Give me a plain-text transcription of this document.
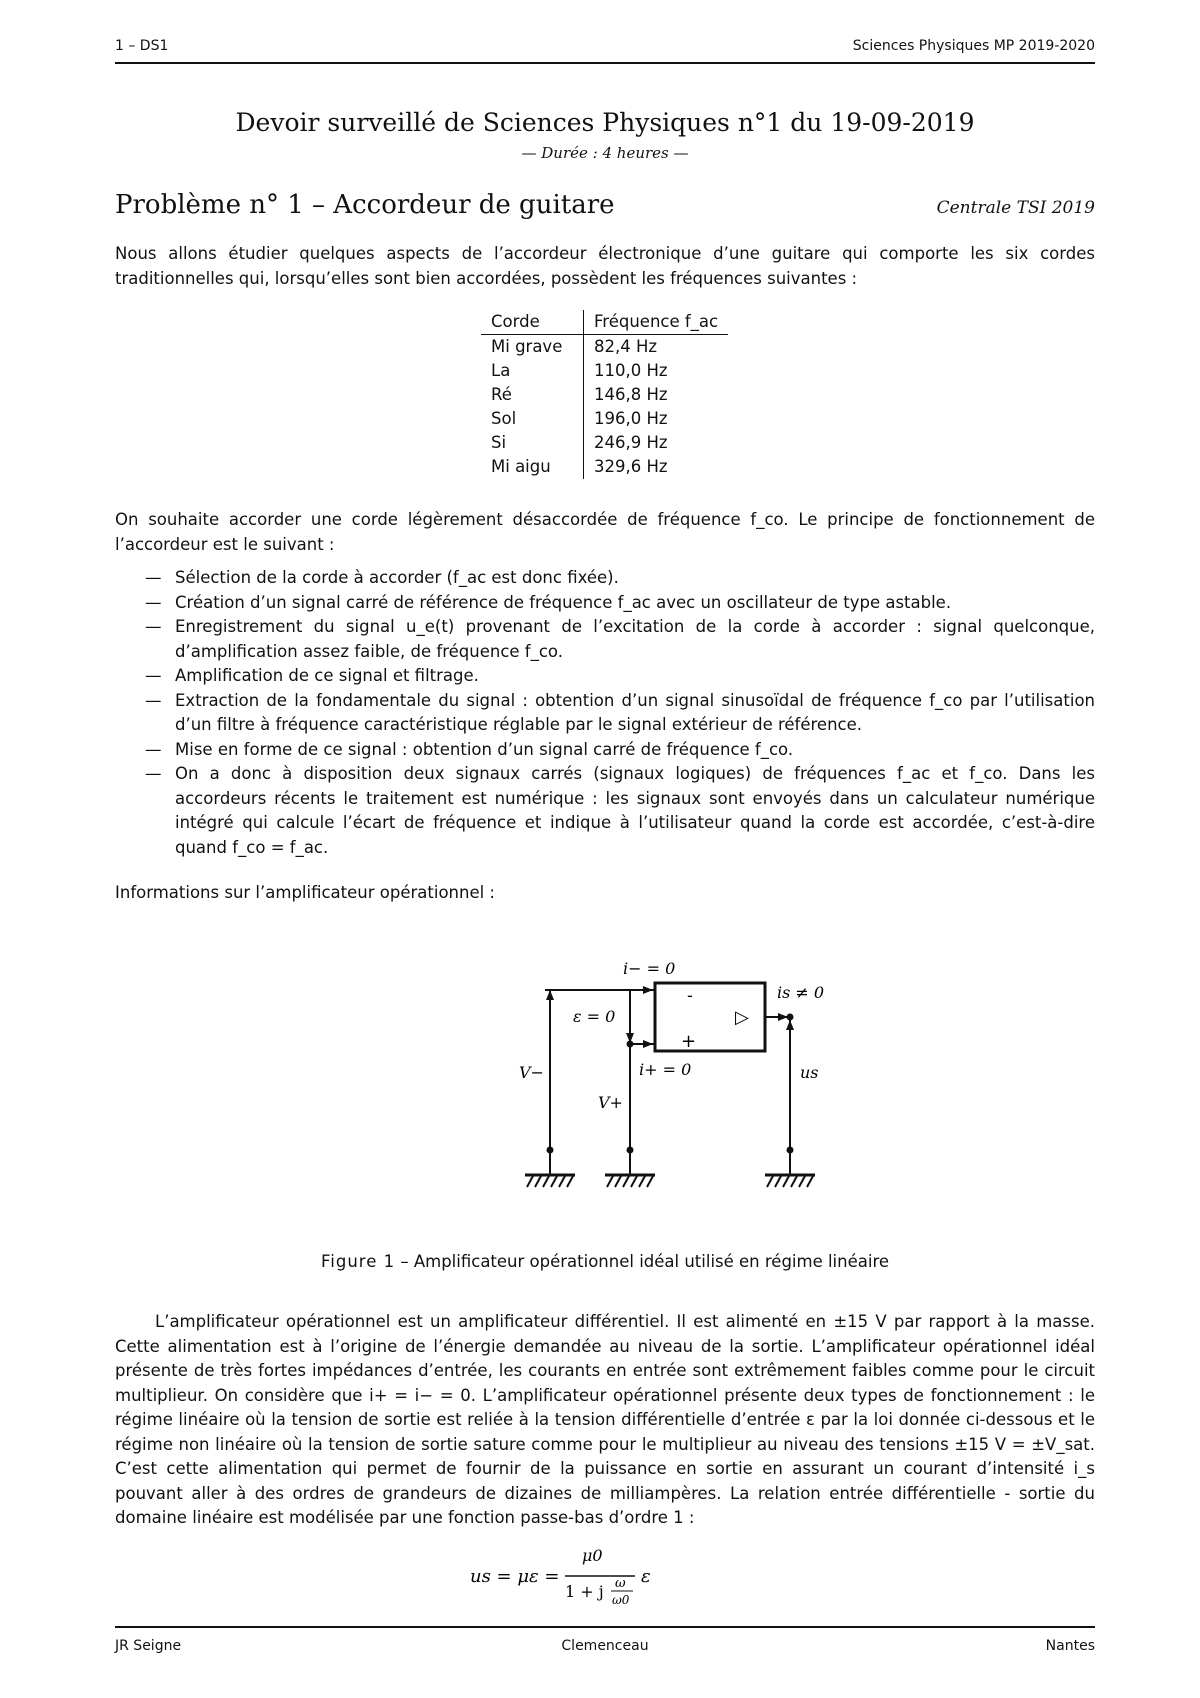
1 – DS1	Sciences Physiques MP 2019-2020
Devoir surveillé de Sciences Physiques n°1 du 19-09-2019
— Durée : 4 heures —
Problème n° 1 – Accordeur de guitare	Centrale TSI 2019
Nous allons étudier quelques aspects de l’accordeur électronique d’une guitare qui comporte les six cordes traditionnelles qui, lorsqu’elles sont bien accordées, possèdent les fréquences suivantes :
Corde	Fréquence f_ac
Mi grave	82,4 Hz
La	110,0 Hz
Ré	146,8 Hz
Sol	196,0 Hz
Si	246,9 Hz
Mi aigu	329,6 Hz
On souhaite accorder une corde légèrement désaccordée de fréquence f_co. Le principe de fonctionnement de l’accordeur est le suivant :
— Sélection de la corde à accorder (f_ac est donc fixée).
— Création d’un signal carré de référence de fréquence f_ac avec un oscillateur de type astable.
— Enregistrement du signal u_e(t) provenant de l’excitation de la corde à accorder : signal quelconque, d’amplification assez faible, de fréquence f_co.
— Amplification de ce signal et filtrage.
— Extraction de la fondamentale du signal : obtention d’un signal sinusoïdal de fréquence f_co par l’utilisation d’un filtre à fréquence caractéristique réglable par le signal extérieur de référence.
— Mise en forme de ce signal : obtention d’un signal carré de fréquence f_co.
— On a donc à disposition deux signaux carrés (signaux logiques) de fréquences f_ac et f_co. Dans les accordeurs récents le traitement est numérique : les signaux sont envoyés dans un calculateur numérique intégré qui calcule l’écart de fréquence et indique à l’utilisateur quand la corde est accordée, c’est-à-dire quand f_co = f_ac.
Informations sur l’amplificateur opérationnel :
-
+
▷
ε = 0
V−
V+
us
i− = 0
i+ = 0
is ≠ 0
Figure 1 – Amplificateur opérationnel idéal utilisé en régime linéaire
L’amplificateur opérationnel est un amplificateur différentiel. Il est alimenté en ±15 V par rapport à la masse. Cette alimentation est à l’origine de l’énergie demandée au niveau de la sortie. L’amplificateur opérationnel idéal présente de très fortes impédances d’entrée, les courants en entrée sont extrêmement faibles comme pour le circuit multiplieur. On considère que i+ = i− = 0. L’amplificateur opérationnel présente deux types de fonctionnement : le régime linéaire où la tension de sortie est reliée à la tension différentielle d’entrée ε par la loi donnée ci-dessous et le régime non linéaire où la tension de sortie sature comme pour le multiplieur au niveau des tensions ±15 V = ±V_sat. C’est cette alimentation qui permet de fournir de la puissance en sortie en assurant un courant d’intensité i_s pouvant aller à des ordres de grandeurs de dizaines de milliampères. La relation entrée différentielle - sortie du domaine linéaire est modélisée par une fonction passe-bas d’ordre 1 :
us = με =
μ0
1 + j ω
ω0
ε
JR Seigne	Clemenceau	Nantes
